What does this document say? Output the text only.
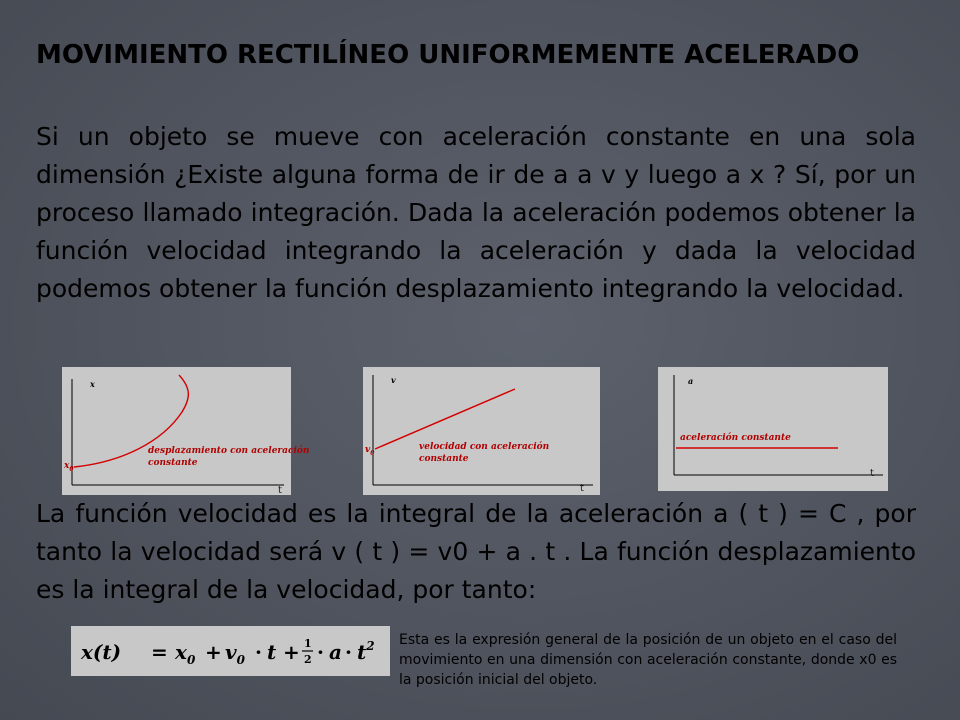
MOVIMIENTO RECTILÍNEO UNIFORMEMENTE ACELERADO

Si un objeto se mueve con aceleración constante en una sola dimensión ¿Existe alguna forma de ir de a a v y luego a x ? Sí, por un proceso llamado integración. Dada la aceleración podemos obtener la función velocidad integrando la aceleración y dada la velocidad podemos obtener la función desplazamiento integrando la velocidad.

x
$x_0$
desplazamiento con aceleración
constante
t
v
$v_0$
velocidad con aceleración
constante
t
a
aceleración constante
t

La función velocidad es la integral de la aceleración a ( t ) = C , por tanto la velocidad será v ( t ) = v0 + a . t . La función desplazamiento es la integral de la velocidad, por tanto:

$x(t) = x_0 + v_0 \cdot t + 1$
$2 \cdot a \cdot t^2$ Esta es la expresión general de la posición de un objeto en el caso del movimiento en una dimensión con aceleración constante, donde x0 es la posición inicial del objeto.
